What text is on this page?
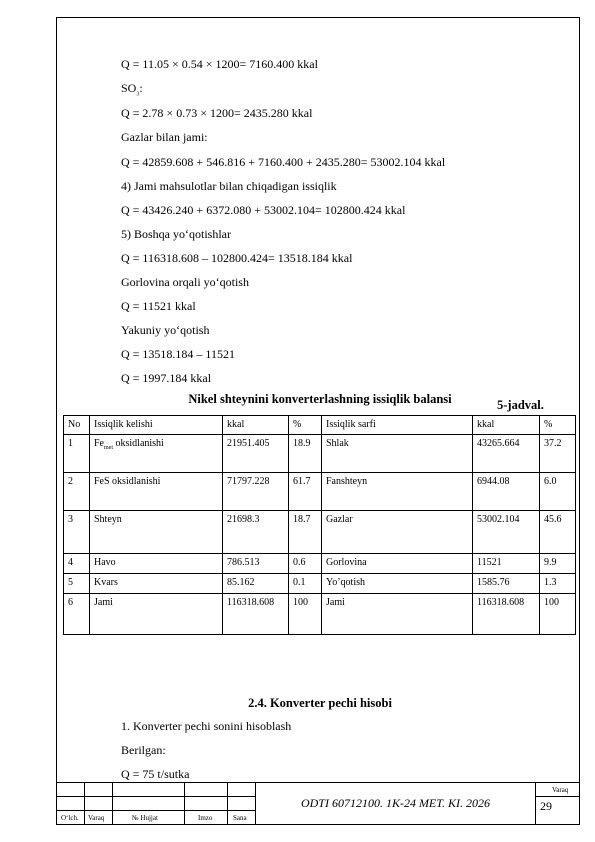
Q = 11.05 × 0.54 × 1200= 7160.400 kkal
$SO_3$:
Q = 2.78 × 0.73 × 1200= 2435.280 kkal
Gazlar bilan jami:
Q = 42859.608 + 546.816 + 7160.400 + 2435.280= 53002.104 kkal
4) Jami mahsulotlar bilan chiqadigan issiqlik
Q = 43426.240 + 6372.080 + 53002.104= 102800.424 kkal
5) Boshqa yo‘qotishlar
Q = 116318.608 – 102800.424= 13518.184 kkal
Gorlovina orqali yo‘qotish
Q = 11521 kkal
Yakuniy yo‘qotish
Q = 13518.184 – 11521
Q = 1997.184 kkal
5-jadval.
Nikel shteynini konverterlashning issiqlik balansi
No	Issiqlik kelishi	kkal	%	Issiqlik sarfi	kkal	%
1	$Fe_{met}$ oksidlanishi	21951.405	18.9	Shlak	43265.664	37.2
2	FeS oksidlanishi	71797.228	61.7	Fanshteyn	6944.08	6.0
3	Shteyn	21698.3	18.7	Gazlar	53002.104	45.6
4	Havo	786.513	0.6	Gorlovina	11521	9.9
5	Kvars	85.162	0.1	Yo’qotish	1585.76	1.3
6	Jami	116318.608	100	Jami	116318.608	100
2.4. Konverter pechi hisobi
1. Konverter pechi sonini hisoblash
Berilgan:
Q = 75 t/sutka
O‘lch. Varaq	№ Hujjat	Imzo	Sana
ODTI 60712100. 1K-24 MET. KI. 2026
Varaq
29
